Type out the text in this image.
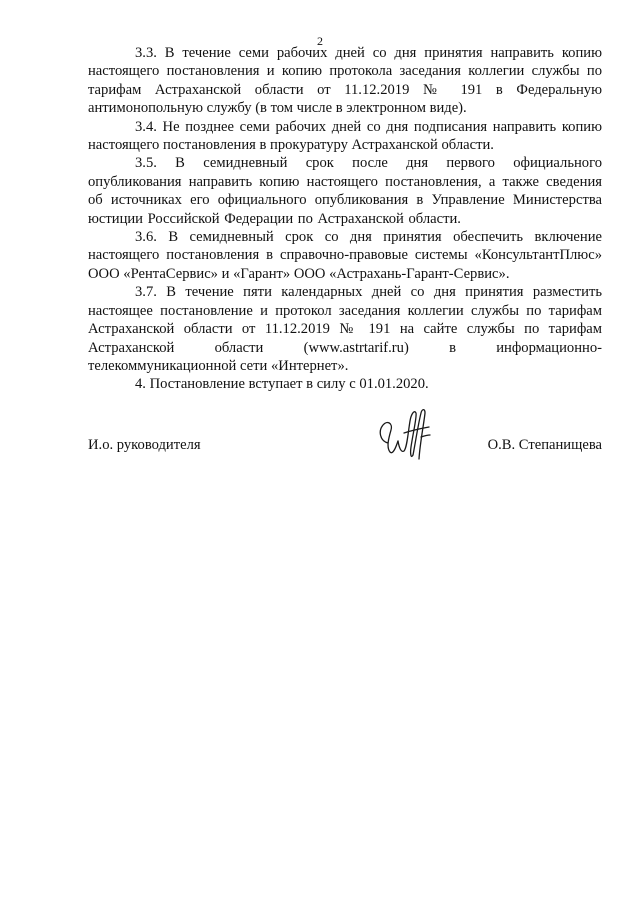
2

3.3. В течение семи рабочих дней со дня принятия направить копию настоящего постановления и копию протокола заседания коллегии службы по тарифам Астраханской области от 11.12.2019 № 191 в Федеральную антимонопольную службу (в том числе в электронном виде).

3.4. Не позднее семи рабочих дней со дня подписания направить копию настоящего постановления в прокуратуру Астраханской области.

3.5. В семидневный срок после дня первого официального опубликования направить копию настоящего постановления, а также сведения об источниках его официального опубликования в Управление Министерства юстиции Российской Федерации по Астраханской области.

3.6. В семидневный срок со дня принятия обеспечить включение настоящего постановления в справочно-правовые системы «КонсультантПлюс» ООО «РентаСервис» и «Гарант» ООО «Астрахань-Гарант-Сервис».

3.7. В течение пяти календарных дней со дня принятия разместить настоящее постановление и протокол заседания коллегии службы по тарифам Астраханской области от 11.12.2019 № 191 на сайте службы по тарифам Астраханской области (www.astrtarif.ru) в информационно-телекоммуникационной сети «Интернет».

4. Постановление вступает в силу с 01.01.2020.

И.о. руководителя	О.В. Степанищева
